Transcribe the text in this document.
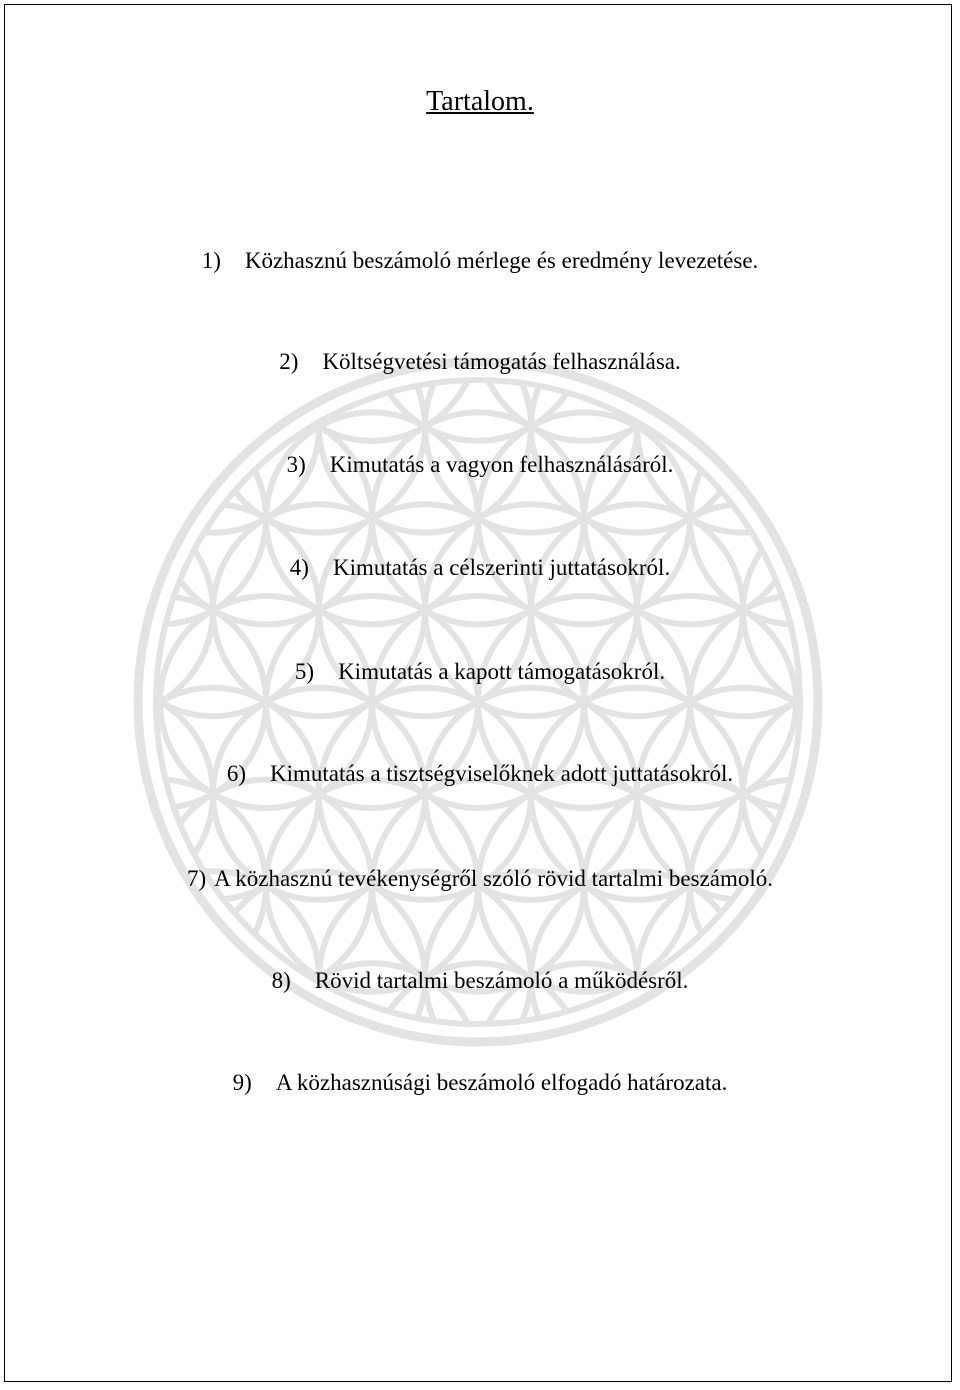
Tartalom.
1) Közhasznú beszámoló mérlege és eredmény levezetése.
2) Költségvetési támogatás felhasználása.
3) Kimutatás a vagyon felhasználásáról.
4) Kimutatás a célszerinti juttatásokról.
5) Kimutatás a kapott támogatásokról.
6) Kimutatás a tisztségviselőknek adott juttatásokról.
7) A közhasznú tevékenységről szóló rövid tartalmi beszámoló.
8) Rövid tartalmi beszámoló a működésről.
9) A közhasznúsági beszámoló elfogadó határozata.
